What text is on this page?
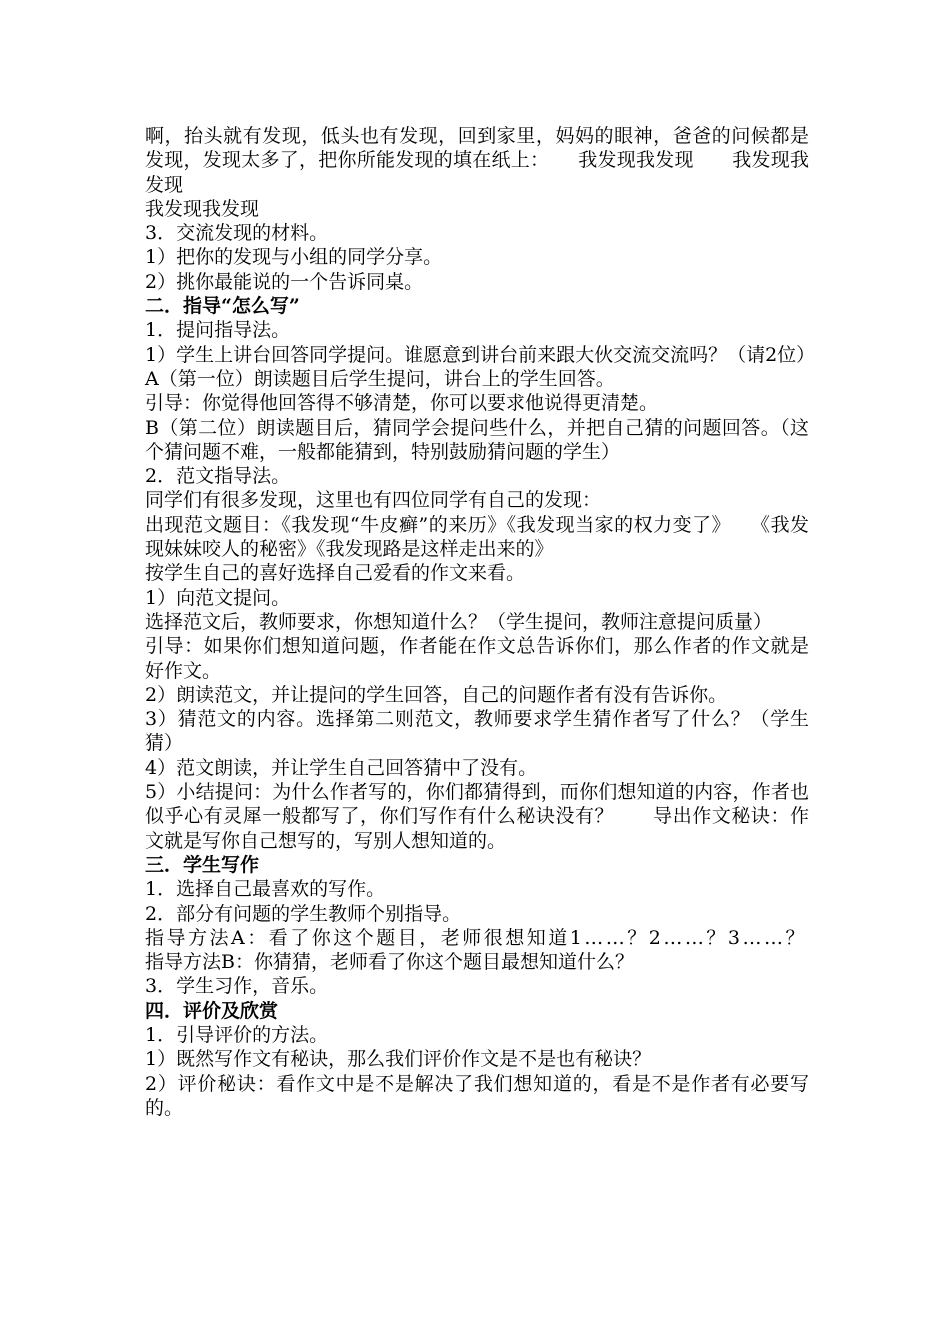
啊，抬头就有发现，低头也有发现，回到家里，妈妈的眼神，爸爸的问候都是发现，发现太多了，把你所能发现的填在纸上：　　我发现我发现　　我发现我发现

我发现我发现

3．交流发现的材料。

1）把你的发现与小组的同学分享。

2）挑你最能说的一个告诉同桌。

二．指导“怎么写”

1．提问指导法。

1）学生上讲台回答同学提问。谁愿意到讲台前来跟大伙交流交流吗？（请2位）

A（第一位）朗读题目后学生提问，讲台上的学生回答。

引导：你觉得他回答得不够清楚，你可以要求他说得更清楚。

B（第二位）朗读题目后，猜同学会提问些什么，并把自己猜的问题回答。（这个猜问题不难，一般都能猜到，特别鼓励猜问题的学生）

2．范文指导法。

同学们有很多发现，这里也有四位同学有自己的发现：

出现范文题目：《我发现“牛皮癣”的来历》《我发现当家的权力变了》　　《我发现妹妹咬人的秘密》《我发现路是这样走出来的》

按学生自己的喜好选择自己爱看的作文来看。

1）向范文提问。

选择范文后，教师要求，你想知道什么？（学生提问，教师注意提问质量）

引导：如果你们想知道问题，作者能在作文总告诉你们，那么作者的作文就是好作文。

2）朗读范文，并让提问的学生回答，自己的问题作者有没有告诉你。

3）猜范文的内容。选择第二则范文，教师要求学生猜作者写了什么？（学生猜）

4）范文朗读，并让学生自己回答猜中了没有。

5）小结提问：为什么作者写的，你们都猜得到，而你们想知道的内容，作者也似乎心有灵犀一般都写了，你们写作有什么秘诀没有？　　导出作文秘诀：作文就是写你自己想写的，写别人想知道的。

三．学生写作

1．选择自己最喜欢的写作。

2．部分有问题的学生教师个别指导。

指导方法A：看了你这个题目，老师很想知道1……？2……？3……？

指导方法B：你猜猜，老师看了你这个题目最想知道什么？

3．学生习作，音乐。

四．评价及欣赏

1．引导评价的方法。

1）既然写作文有秘诀，那么我们评价作文是不是也有秘诀？

2）评价秘诀：看作文中是不是解决了我们想知道的，看是不是作者有必要写的。
